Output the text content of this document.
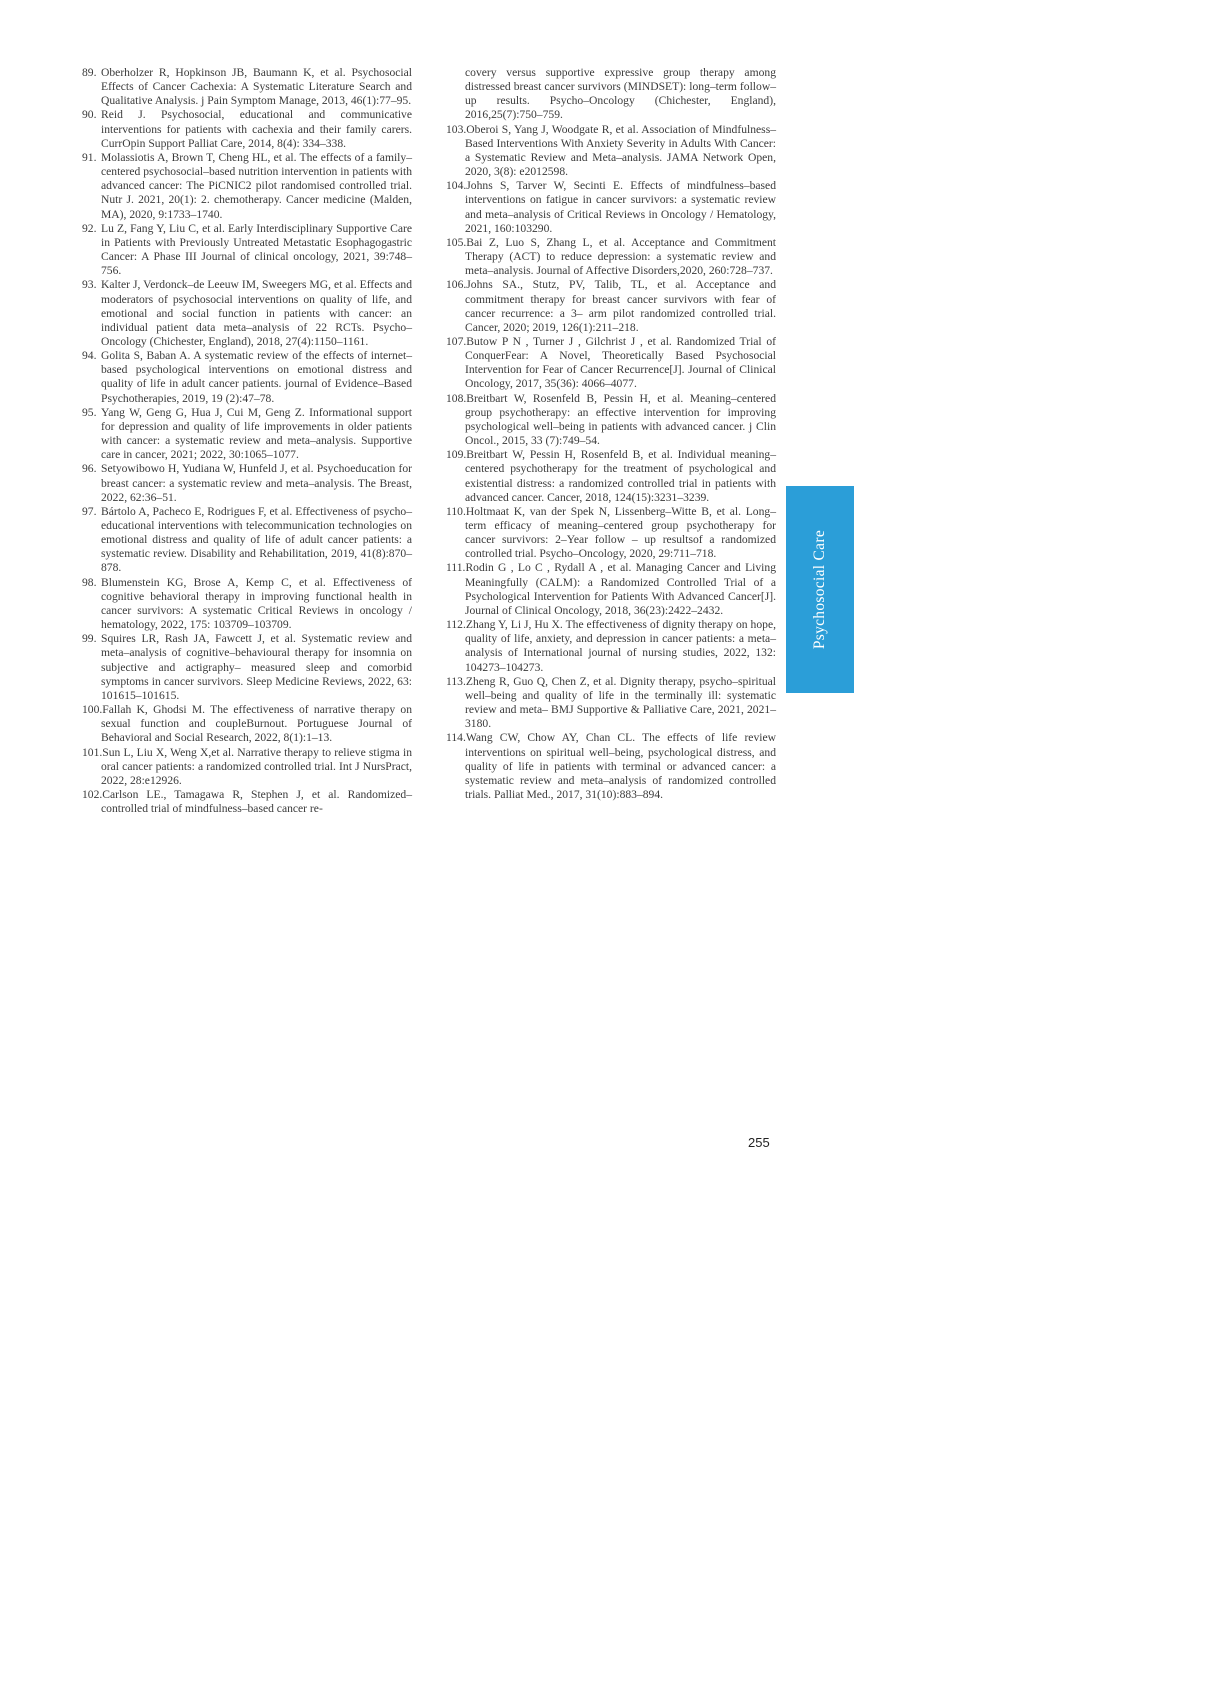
89. Oberholzer R, Hopkinson JB, Baumann K, et al. Psychosocial Effects of Cancer Cachexia: A Systematic Literature Search and Qualitative Analysis. j Pain Symptom Manage, 2013, 46(1):77–95.

90. Reid J. Psychosocial, educational and communicative interventions for patients with cachexia and their family carers. CurrOpin Support Palliat Care, 2014, 8(4): 334–338.

91. Molassiotis A, Brown T, Cheng HL, et al. The effects of a family–centered psychosocial–based nutrition intervention in patients with advanced cancer: The PiCNIC2 pilot randomised controlled trial. Nutr J. 2021, 20(1): 2. chemotherapy. Cancer medicine (Malden, MA), 2020, 9:1733–1740.

92. Lu Z, Fang Y, Liu C, et al. Early Interdisciplinary Supportive Care in Patients with Previously Untreated Metastatic Esophagogastric Cancer: A Phase III Journal of clinical oncology, 2021, 39:748–756.

93. Kalter J, Verdonck–de Leeuw IM, Sweegers MG, et al. Effects and moderators of psychosocial interventions on quality of life, and emotional and social function in patients with cancer: an individual patient data meta–analysis of 22 RCTs. Psycho–Oncology (Chichester, England), 2018, 27(4):1150–1161.

94. Golita S, Baban A. A systematic review of the effects of internet–based psychological interventions on emotional distress and quality of life in adult cancer patients. journal of Evidence–Based Psychotherapies, 2019, 19 (2):47–78.

95. Yang W, Geng G, Hua J, Cui M, Geng Z. Informational support for depression and quality of life improvements in older patients with cancer: a systematic review and meta–analysis. Supportive care in cancer, 2021; 2022, 30:1065–1077.

96. Setyowibowo H, Yudiana W, Hunfeld J, et al. Psychoeducation for breast cancer: a systematic review and meta–analysis. The Breast, 2022, 62:36–51.

97. Bártolo A, Pacheco E, Rodrigues F, et al. Effectiveness of psycho–educational interventions with telecommunication technologies on emotional distress and quality of life of adult cancer patients: a systematic review. Disability and Rehabilitation, 2019, 41(8):870–878.

98. Blumenstein KG, Brose A, Kemp C, et al. Effectiveness of cognitive behavioral therapy in improving functional health in cancer survivors: A systematic Critical Reviews in oncology / hematology, 2022, 175: 103709–103709.

99. Squires LR, Rash JA, Fawcett J, et al. Systematic review and meta–analysis of cognitive–behavioural therapy for insomnia on subjective and actigraphy– measured sleep and comorbid symptoms in cancer survivors. Sleep Medicine Reviews, 2022, 63: 101615–101615.

100.Fallah K, Ghodsi M. The effectiveness of narrative therapy on sexual function and coupleBurnout. Portuguese Journal of Behavioral and Social Research, 2022, 8(1):1–13.

101.Sun L, Liu X, Weng X,et al. Narrative therapy to relieve stigma in oral cancer patients: a randomized controlled trial. Int J NursPract, 2022, 28:e12926.

102.Carlson LE., Tamagawa R, Stephen J, et al. Randomized–controlled trial of mindfulness–based cancer re-

covery versus supportive expressive group therapy among distressed breast cancer survivors (MINDSET): long–term follow–up results. Psycho–Oncology (Chichester, England), 2016,25(7):750–759.

103.Oberoi S, Yang J, Woodgate R, et al. Association of Mindfulness–Based Interventions With Anxiety Severity in Adults With Cancer: a Systematic Review and Meta–analysis. JAMA Network Open, 2020, 3(8): e2012598.

104.Johns S, Tarver W, Secinti E. Effects of mindfulness–based interventions on fatigue in cancer survivors: a systematic review and meta–analysis of Critical Reviews in Oncology / Hematology, 2021, 160:103290.

105.Bai Z, Luo S, Zhang L, et al. Acceptance and Commitment Therapy (ACT) to reduce depression: a systematic review and meta–analysis. Journal of Affective Disorders,2020, 260:728–737.

106.Johns SA., Stutz, PV, Talib, TL, et al. Acceptance and commitment therapy for breast cancer survivors with fear of cancer recurrence: a 3– arm pilot randomized controlled trial. Cancer, 2020; 2019, 126(1):211–218.

107.Butow P N , Turner J , Gilchrist J , et al. Randomized Trial of ConquerFear: A Novel, Theoretically Based Psychosocial Intervention for Fear of Cancer Recurrence[J]. Journal of Clinical Oncology, 2017, 35(36): 4066–4077.

108.Breitbart W, Rosenfeld B, Pessin H, et al. Meaning–centered group psychotherapy: an effective intervention for improving psychological well–being in patients with advanced cancer. j Clin Oncol., 2015, 33 (7):749–54.

109.Breitbart W, Pessin H, Rosenfeld B, et al. Individual meaning–centered psychotherapy for the treatment of psychological and existential distress: a randomized controlled trial in patients with advanced cancer. Cancer, 2018, 124(15):3231–3239.

110.Holtmaat K, van der Spek N, Lissenberg–Witte B, et al. Long–term efficacy of meaning–centered group psychotherapy for cancer survivors: 2–Year follow – up resultsof a randomized controlled trial. Psycho–Oncology, 2020, 29:711–718.

111.Rodin G , Lo C , Rydall A , et al. Managing Cancer and Living Meaningfully (CALM): a Randomized Controlled Trial of a Psychological Intervention for Patients With Advanced Cancer[J]. Journal of Clinical Oncology, 2018, 36(23):2422–2432.

112.Zhang Y, Li J, Hu X. The effectiveness of dignity therapy on hope, quality of life, anxiety, and depression in cancer patients: a meta–analysis of International journal of nursing studies, 2022, 132: 104273–104273.

113.Zheng R, Guo Q, Chen Z, et al. Dignity therapy, psycho–spiritual well–being and quality of life in the terminally ill: systematic review and meta– BMJ Supportive & Palliative Care, 2021, 2021–3180.

114.Wang CW, Chow AY, Chan CL. The effects of life review interventions on spiritual well–being, psychological distress, and quality of life in patients with terminal or advanced cancer: a systematic review and meta–analysis of randomized controlled trials. Palliat Med., 2017, 31(10):883–894.

Psychosocial Care
255
